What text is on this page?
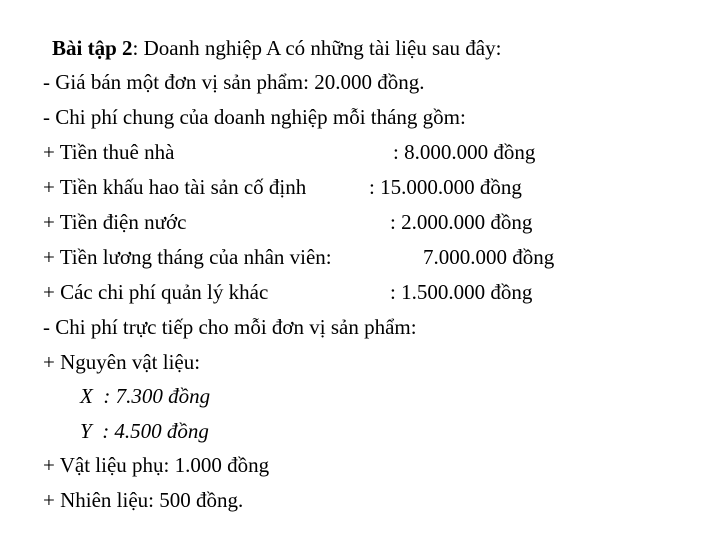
Bài tập 2: Doanh nghiệp A có những tài liệu sau đây:
- Giá bán một đơn vị sản phẩm: 20.000 đồng.
- Chi phí chung của doanh nghiệp mỗi tháng gồm:
+ Tiền thuê nhà	: 8.000.000 đồng
+ Tiền khấu hao tài sản cố định	: 15.000.000 đồng
+ Tiền điện nước	: 2.000.000 đồng
+ Tiền lương tháng của nhân viên:	7.000.000 đồng
+ Các chi phí quản lý khác	: 1.500.000 đồng
- Chi phí trực tiếp cho mỗi đơn vị sản phẩm:
+ Nguyên vật liệu:
X : 7.300 đồng
Y : 4.500 đồng
+ Vật liệu phụ: 1.000 đồng
+ Nhiên liệu: 500 đồng.
